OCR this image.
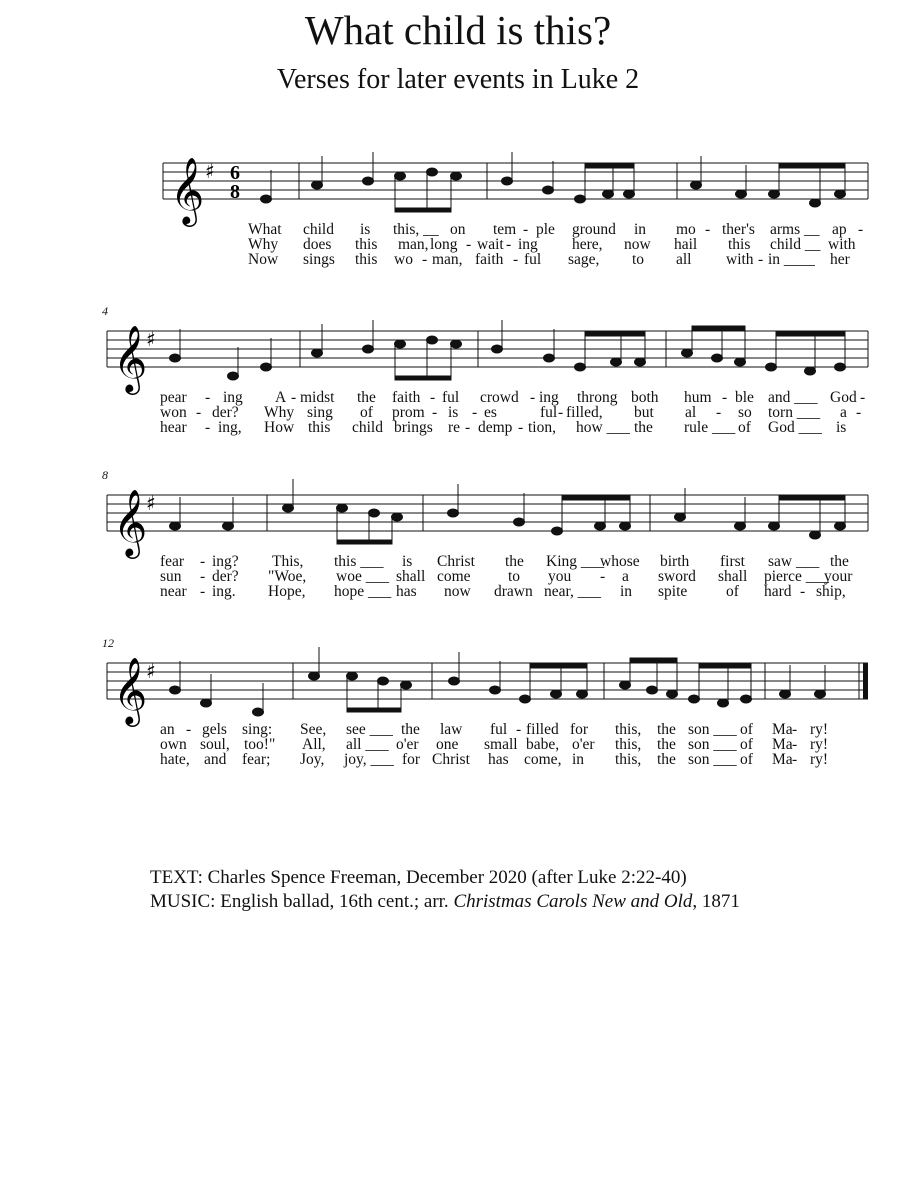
What child is this?
Verses for later events in Luke 2
𝄞 ♯ 6
8
What child is this, __ on tem - ple ground in mo - ther's arms __ ap -
Why does this man, long - wait - ing here, now hail this child __ with
Now sings this wo - man, faith - ful sage, to all with - in ____ her
4
𝄞
♯
pear - ing A - midst the faith - ful crowd - ing throng both hum - ble and ___ God -
won - der? Why sing of prom - is - es	ful - filled, but al - so torn ___ a -
hear - ing, How this child brings re - demp - tion, how ___ the rule ___ of God ___ is
8
𝄞
♯
fear - ing? This, this ___ is Christ the King ___
whose birth first saw ___ the
sun - der? "Woe, woe ___ shall come to you - a sword shall pierce ___
your
near - ing. Hope, hope ___ has now drawn near, ___ in spite of hard - ship,
12
𝄞
♯
an - gels sing: See, see ___ the law ful - filled for this, the son ___ of Ma - ry!
own soul, too!" All, all ___ o'er one small babe, o'er this, the son ___ of Ma - ry!
hate, and fear; Joy, joy, ___ for Christ has come, in this, the son ___ of Ma - ry!
TEXT: Charles Spence Freeman, December 2020 (after Luke 2:22-40)
MUSIC: English ballad, 16th cent.; arr. Christmas Carols New and Old, 1871
